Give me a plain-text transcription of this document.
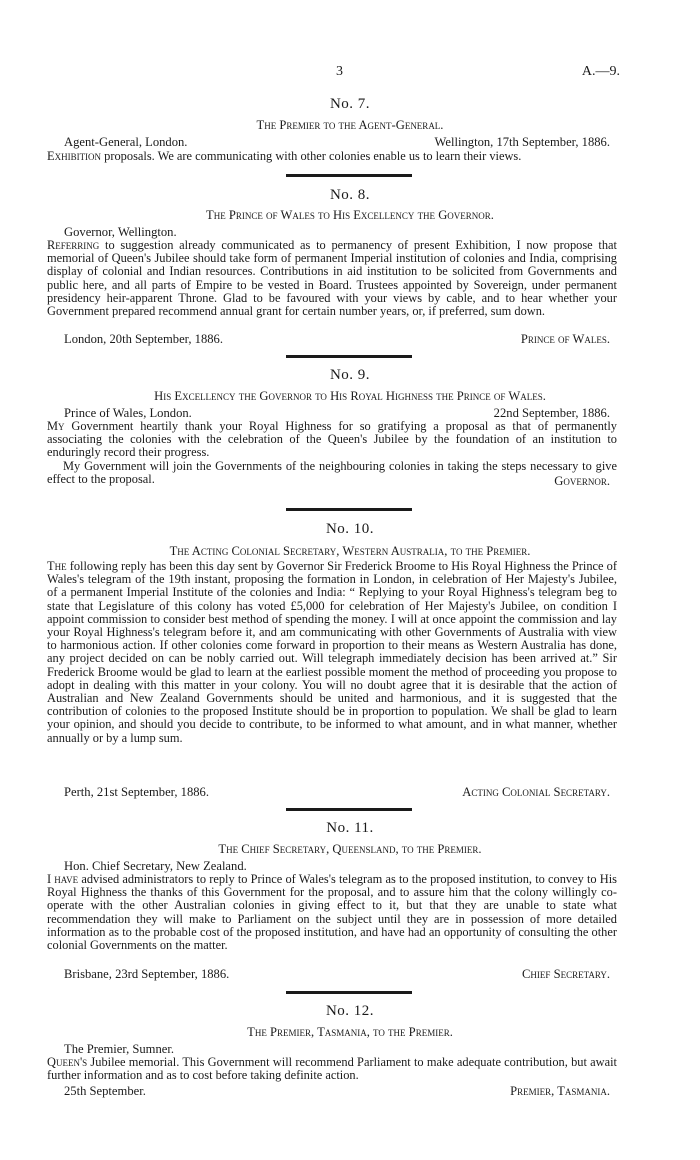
3	A.—9.
No. 7.
The Premier to the Agent-General.
Agent-General, London.	Wellington, 17th September, 1886.
Exhibition proposals. We are communicating with other colonies enable us to learn their views.
No. 8.
The Prince of Wales to His Excellency the Governor.
Governor, Wellington.
Referring to suggestion already communicated as to permanency of present Exhibition, I now propose that memorial of Queen's Jubilee should take form of permanent Imperial institution of colonies and India, comprising display of colonial and Indian resources. Contributions in aid institution to be solicited from Governments and public here, and all parts of Empire to be vested in Board. Trustees appointed by Sovereign, under permanent presidency heir-apparent Throne. Glad to be favoured with your views by cable, and to hear whether your Government prepared recommend annual grant for certain number years, or, if preferred, sum down.
London, 20th September, 1886.	Prince of Wales.
No. 9.
His Excellency the Governor to His Royal Highness the Prince of Wales.
Prince of Wales, London.	22nd September, 1886.
My Government heartily thank your Royal Highness for so gratifying a proposal as that of permanently associating the colonies with the celebration of the Queen's Jubilee by the foundation of an institution to enduringly record their progress.
My Government will join the Governments of the neighbouring colonies in taking the steps necessary to give effect to the proposal.	Governor.
No. 10.
The Acting Colonial Secretary, Western Australia, to the Premier.
The following reply has been this day sent by Governor Sir Frederick Broome to His Royal Highness the Prince of Wales's telegram of the 19th instant, proposing the formation in London, in celebration of Her Majesty's Jubilee, of a permanent Imperial Institute of the colonies and India: “ Replying to your Royal Highness's telegram beg to state that Legislature of this colony has voted £5,000 for celebration of Her Majesty's Jubilee, on condition I appoint commission to consider best method of spending the money. I will at once appoint the commission and lay your Royal Highness's telegram before it, and am communicating with other Governments of Australia with view to harmonious action. If other colonies come forward in proportion to their means as Western Australia has done, any project decided on can be nobly carried out. Will telegraph immediately decision has been arrived at.” Sir Frederick Broome would be glad to learn at the earliest possible moment the method of proceeding you propose to adopt in dealing with this matter in your colony. You will no doubt agree that it is desirable that the action of Australian and New Zealand Governments should be united and harmonious, and it is suggested that the contribution of colonies to the proposed Institute should be in proportion to population. We shall be glad to learn your opinion, and should you decide to contribute, to be informed to what amount, and in what manner, whether annually or by a lump sum.
Perth, 21st September, 1886.	Acting Colonial Secretary.
No. 11.
The Chief Secretary, Queensland, to the Premier.
Hon. Chief Secretary, New Zealand.
I have advised administrators to reply to Prince of Wales's telegram as to the proposed institution, to convey to His Royal Highness the thanks of this Government for the proposal, and to assure him that the colony willingly co-operate with the other Australian colonies in giving effect to it, but that they are unable to state what recommendation they will make to Parliament on the subject until they are in possession of more detailed information as to the probable cost of the proposed institution, and have had an opportunity of consulting the other colonial Governments on the matter.
Brisbane, 23rd September, 1886.	Chief Secretary.
No. 12.
The Premier, Tasmania, to the Premier.
The Premier, Sumner.
Queen's Jubilee memorial. This Government will recommend Parliament to make adequate contribution, but await further information and as to cost before taking definite action.
25th September.	Premier, Tasmania.
